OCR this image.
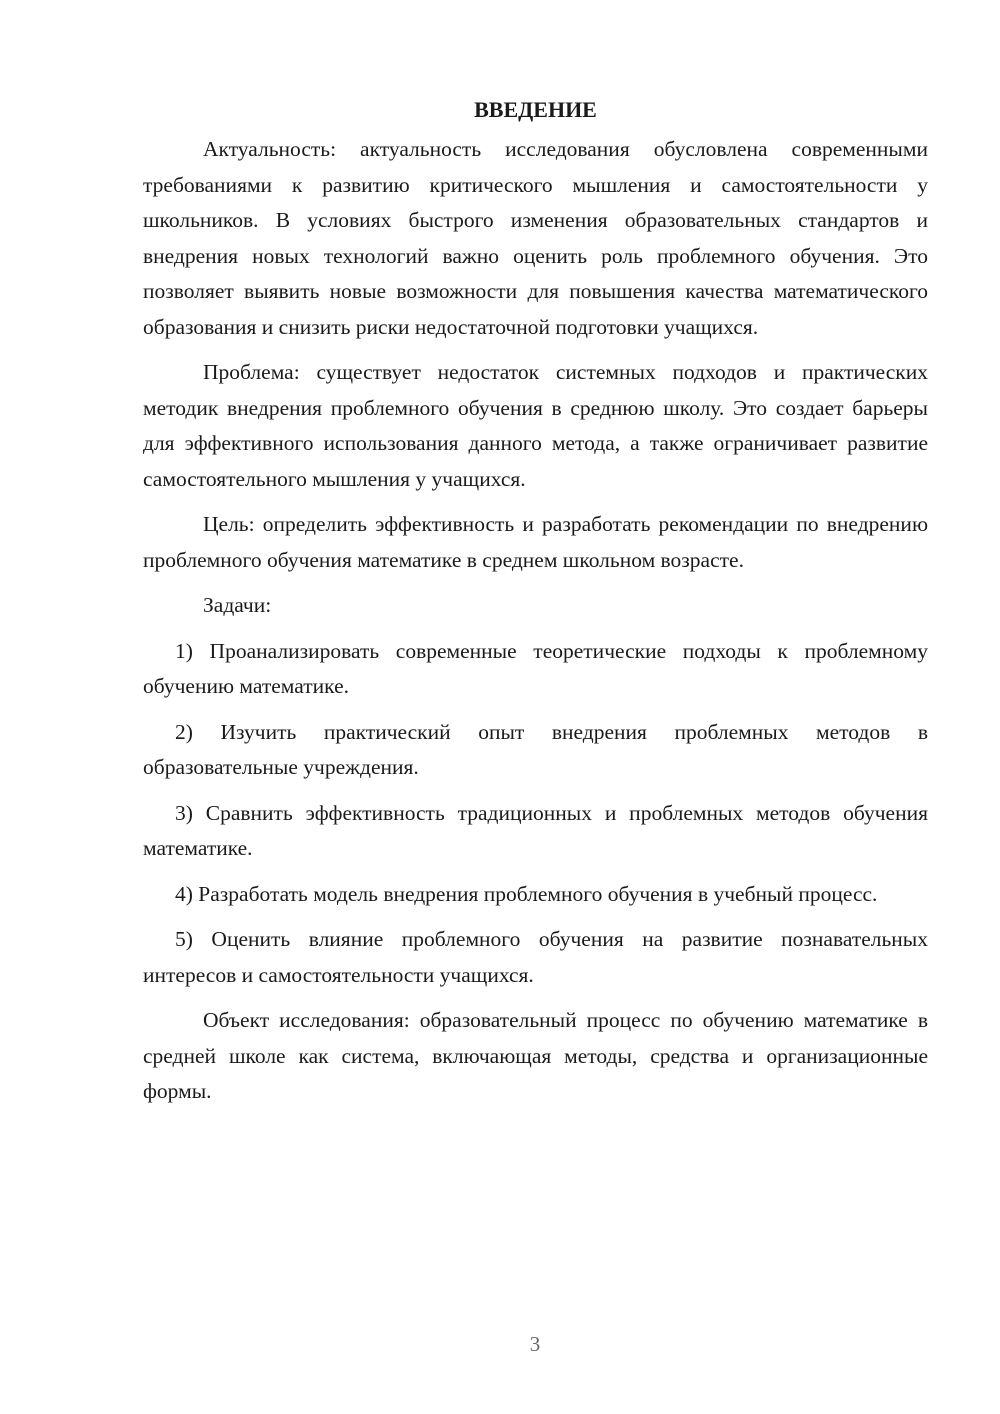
ВВЕДЕНИЕ

Актуальность: актуальность исследования обусловлена современными требованиями к развитию критического мышления и самостоятельности у школьников. В условиях быстрого изменения образовательных стандартов и внедрения новых технологий важно оценить роль проблемного обучения. Это позволяет выявить новые возможности для повышения качества математического образования и снизить риски недостаточной подготовки учащихся.

Проблема: существует недостаток системных подходов и практических методик внедрения проблемного обучения в среднюю школу. Это создает барьеры для эффективного использования данного метода, а также ограничивает развитие самостоятельного мышления у учащихся.

Цель: определить эффективность и разработать рекомендации по внедрению проблемного обучения математике в среднем школьном возрасте.

Задачи:

1) Проанализировать современные теоретические подходы к проблемному обучению математике.

2) Изучить практический опыт внедрения проблемных методов в образовательные учреждения.

3) Сравнить эффективность традиционных и проблемных методов обучения математике.

4) Разработать модель внедрения проблемного обучения в учебный процесс.

5) Оценить влияние проблемного обучения на развитие познавательных интересов и самостоятельности учащихся.

Объект исследования: образовательный процесс по обучению математике в средней школе как система, включающая методы, средства и организационные формы.

3
